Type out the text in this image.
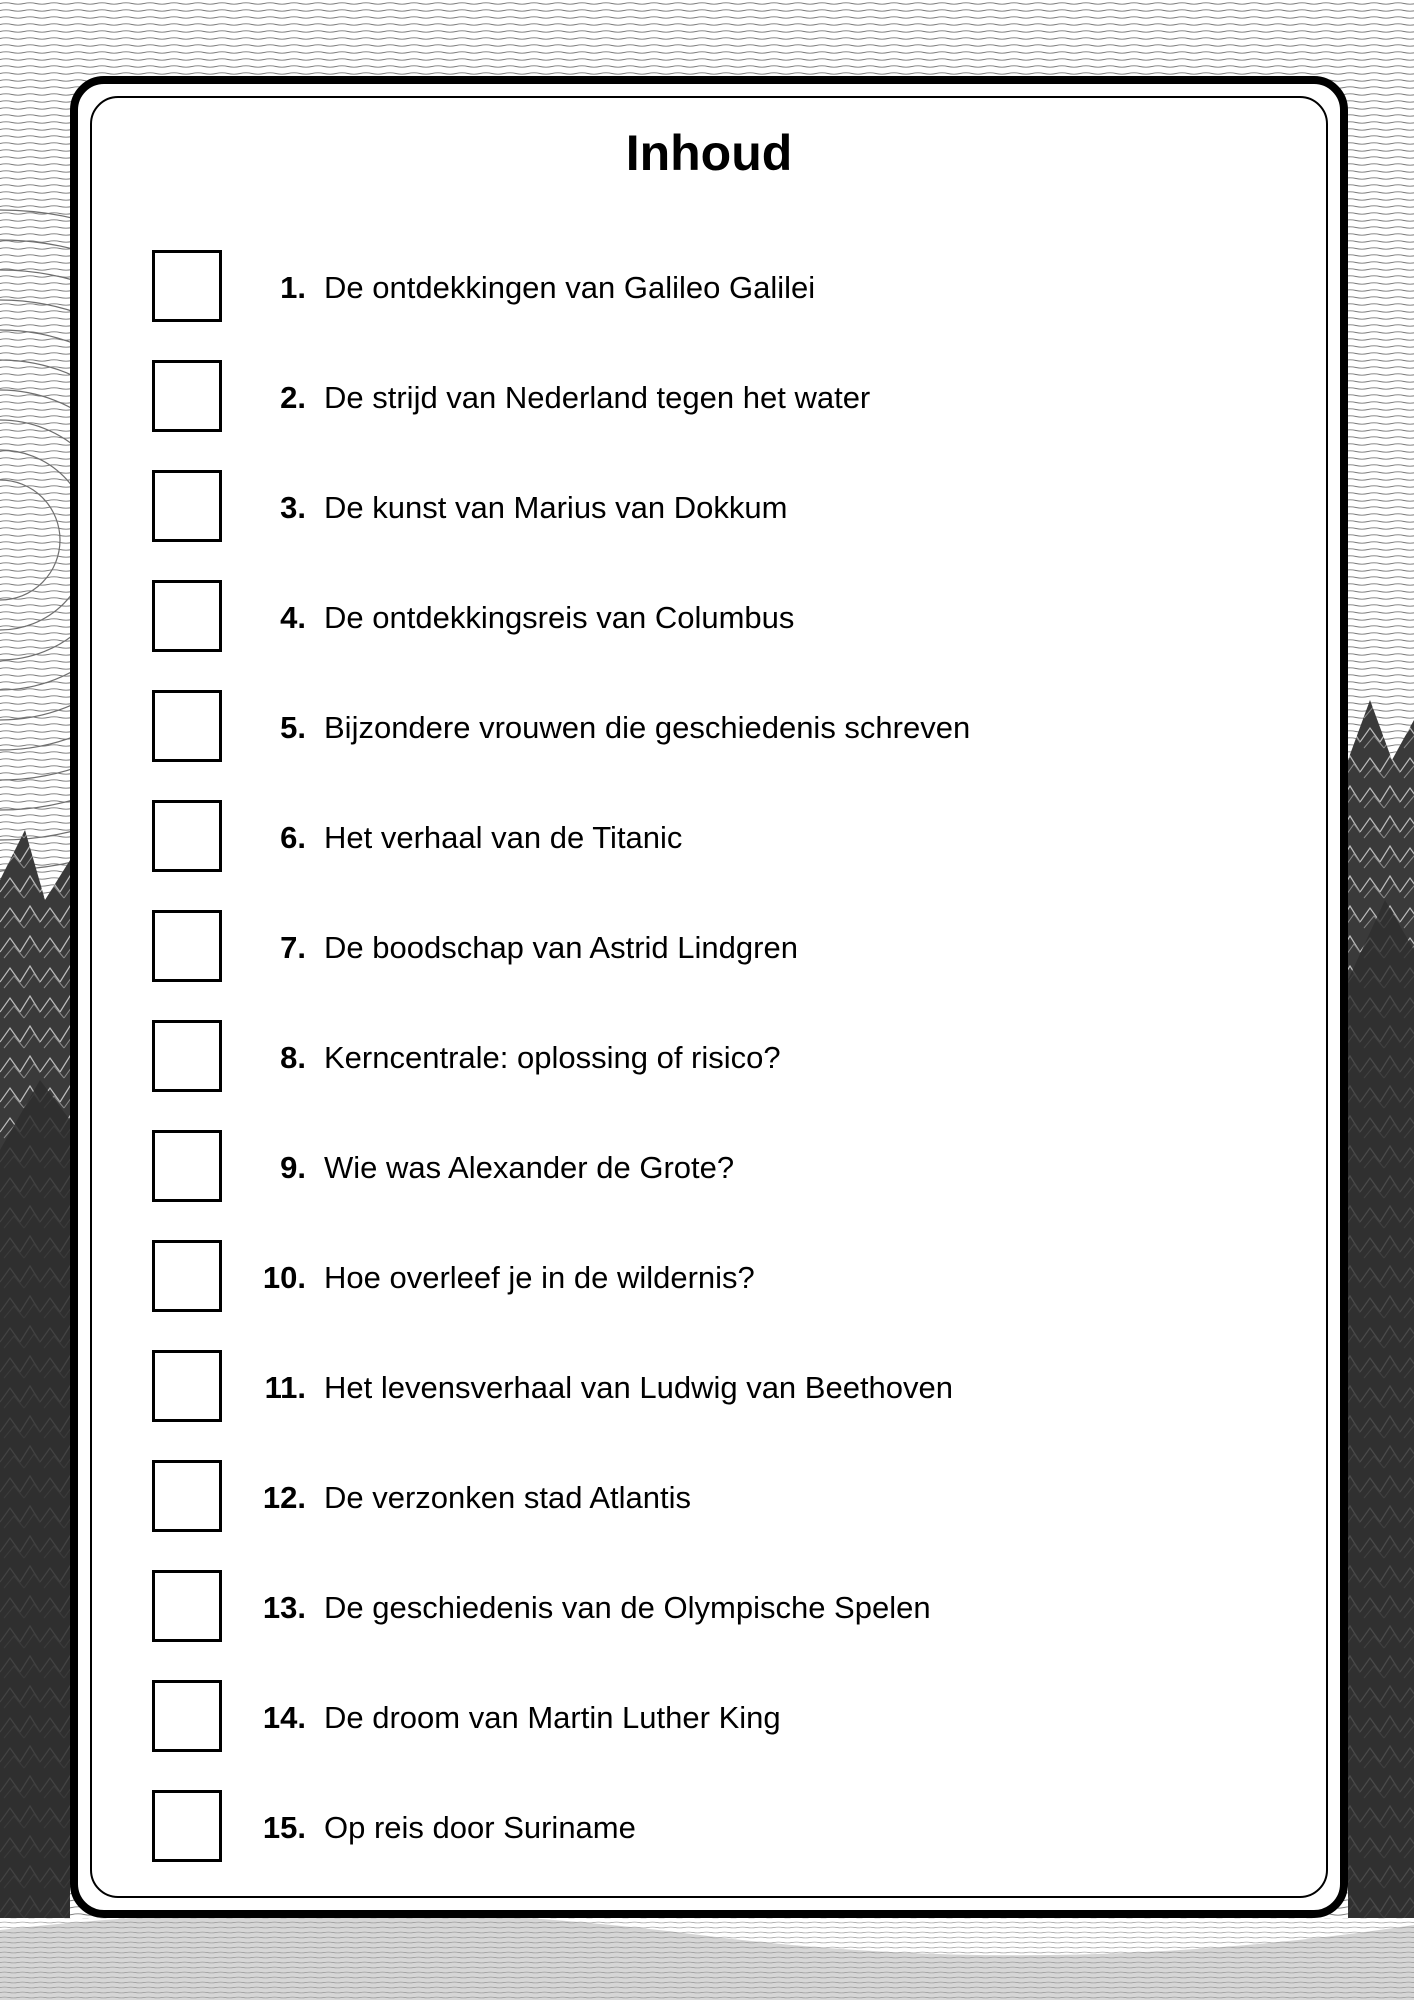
Inhoud
1. De ontdekkingen van Galileo Galilei
2. De strijd van Nederland tegen het water
3. De kunst van Marius van Dokkum
4. De ontdekkingsreis van Columbus
5. Bijzondere vrouwen die geschiedenis schreven
6. Het verhaal van de Titanic
7. De boodschap van Astrid Lindgren
8. Kerncentrale: oplossing of risico?
9. Wie was Alexander de Grote?
10. Hoe overleef je in de wildernis?
11. Het levensverhaal van Ludwig van Beethoven
12. De verzonken stad Atlantis
13. De geschiedenis van de Olympische Spelen
14. De droom van Martin Luther King
15. Op reis door Suriname
